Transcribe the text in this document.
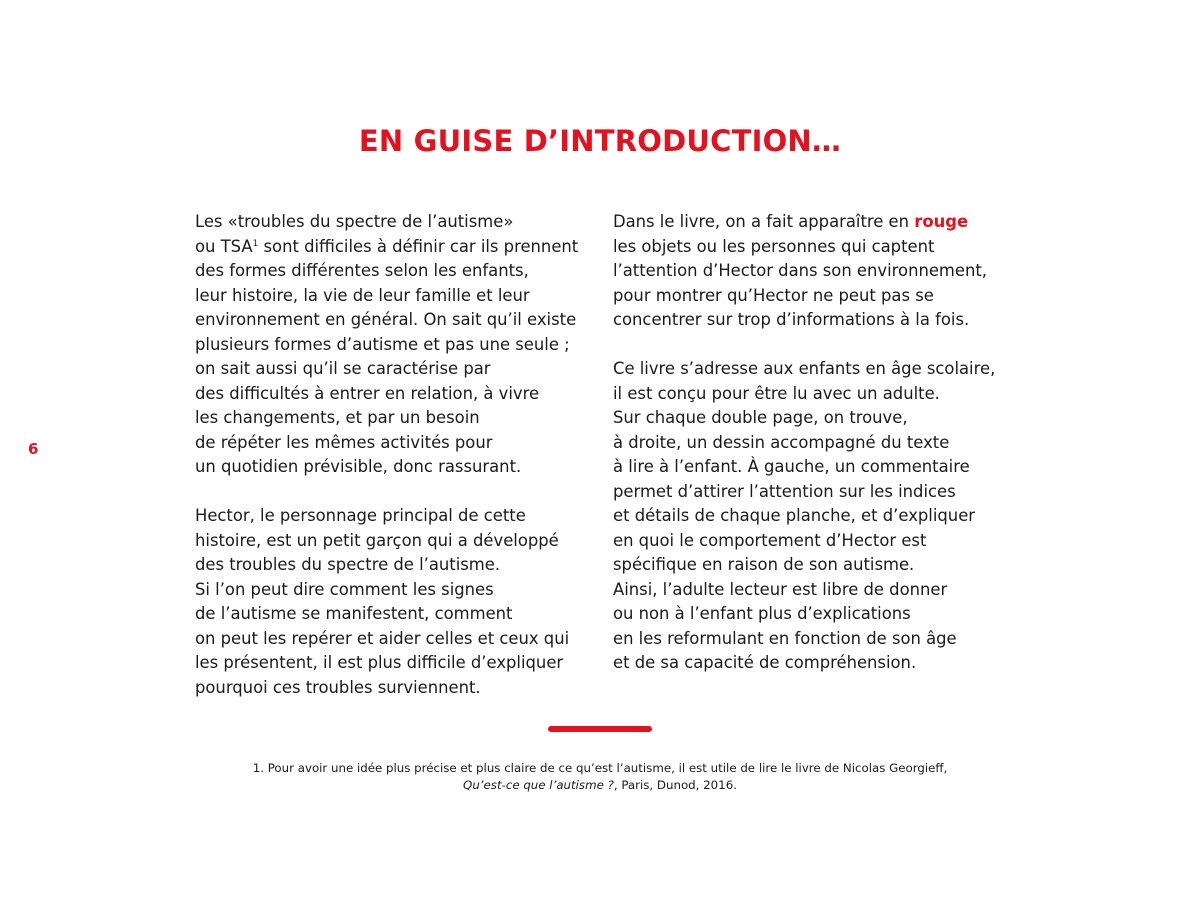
EN GUISE D’INTRODUCTION…
6

Les «troubles du spectre de l’autisme»
ou TSA$^1$ sont difficiles à définir car ils prennent
des formes différentes selon les enfants,
leur histoire, la vie de leur famille et leur
environnement en général. On sait qu’il existe
plusieurs formes d’autisme et pas une seule ;
on sait aussi qu’il se caractérise par
des difficultés à entrer en relation, à vivre
les changements, et par un besoin
de répéter les mêmes activités pour
un quotidien prévisible, donc rassurant.

Hector, le personnage principal de cette
histoire, est un petit garçon qui a développé
des troubles du spectre de l’autisme.
Si l’on peut dire comment les signes
de l’autisme se manifestent, comment
on peut les repérer et aider celles et ceux qui
les présentent, il est plus difficile d’expliquer
pourquoi ces troubles surviennent.

Dans le livre, on a fait apparaître en rouge
les objets ou les personnes qui captent
l’attention d’Hector dans son environnement,
pour montrer qu’Hector ne peut pas se
concentrer sur trop d’informations à la fois.

Ce livre s’adresse aux enfants en âge scolaire,
il est conçu pour être lu avec un adulte.
Sur chaque double page, on trouve,
à droite, un dessin accompagné du texte
à lire à l’enfant. À gauche, un commentaire
permet d’attirer l’attention sur les indices
et détails de chaque planche, et d’expliquer
en quoi le comportement d’Hector est
spécifique en raison de son autisme.
Ainsi, l’adulte lecteur est libre de donner
ou non à l’enfant plus d’explications
en les reformulant en fonction de son âge
et de sa capacité de compréhension.

1. Pour avoir une idée plus précise et plus claire de ce qu’est l’autisme, il est utile de lire le livre de Nicolas Georgieff,
Qu’est-ce que l’autisme ?, Paris, Dunod, 2016.
